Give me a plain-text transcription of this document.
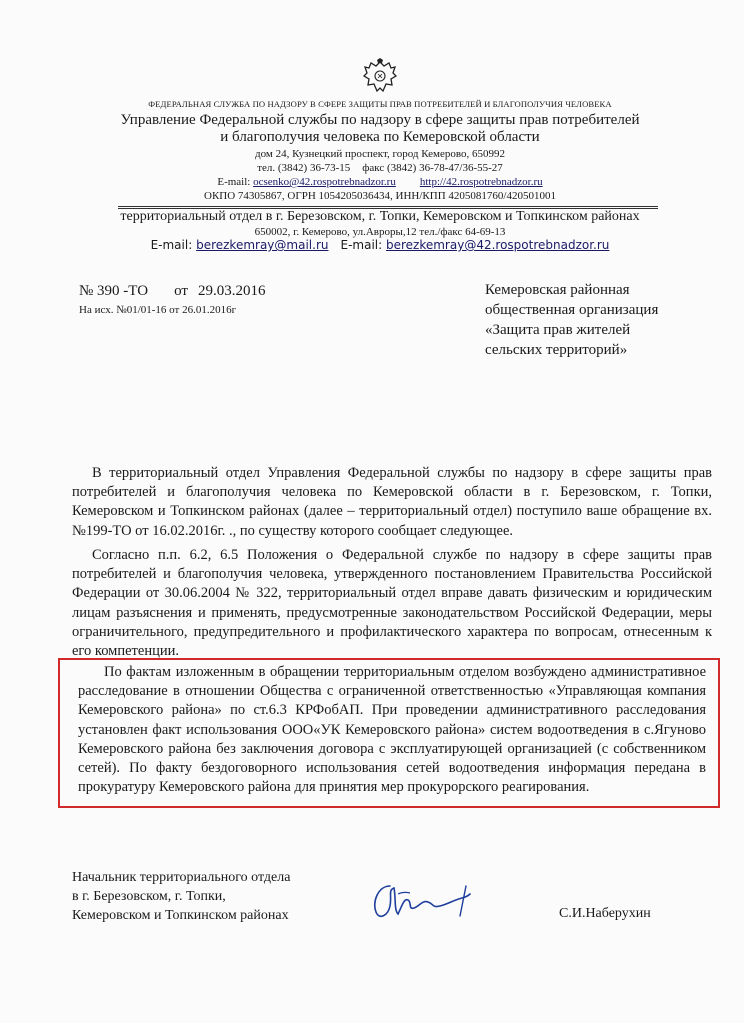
ФЕДЕРАЛЬНАЯ СЛУЖБА ПО НАДЗОРУ В СФЕРЕ ЗАЩИТЫ ПРАВ ПОТРЕБИТЕЛЕЙ И БЛАГОПОЛУЧИЯ ЧЕЛОВЕКА
Управление Федеральной службы по надзору в сфере защиты прав потребителей
и благополучия человека по Кемеровской области
дом 24, Кузнецкий проспект, город Кемерово, 650992
тел. (3842) 36-73-15 факс (3842) 36-78-47/36-55-27
E-mail: ocsenko@42.rospotrebnadzor.ru http://42.rospotrebnadzor.ru
ОКПО 74305867, ОГРН 1054205036434, ИНН/КПП 4205081760/420501001
территориальный отдел в г. Березовском, г. Топки, Кемеровском и Топкинском районах
650002, г. Кемерово, ул.Авроры,12 тел./факс 64-69-13
E-mail: berezkemray@mail.ru E-mail: berezkemray@42.rospotrebnadzor.ru
№ 390 -ТО от 29.03.2016
На исх. №01/01-16 от 26.01.2016г
Кемеровская районная
общественная организация
«Защита прав жителей
сельских территорий»
В территориальный отдел Управления Федеральной службы по надзору в сфере защиты прав потребителей и благополучия человека по Кемеровской области в г. Березовском, г. Топки, Кемеровском и Топкинском районах (далее – территориальный отдел) поступило ваше обращение вх.№199-ТО от 16.02.2016г. ., по существу которого сообщает следующее.
Согласно п.п. 6.2, 6.5 Положения о Федеральной службе по надзору в сфере защиты прав потребителей и благополучия человека, утвержденного постановлением Правительства Российской Федерации от 30.06.2004 № 322, территориальный отдел вправе давать физическим и юридическим лицам разъяснения и применять, предусмотренные законодательством Российской Федерации, меры ограничительного, предупредительного и профилактического характера по вопросам, отнесенным к его компетенции.
По фактам изложенным в обращении территориальным отделом возбуждено административное расследование в отношении Общества с ограниченной ответственностью «Управляющая компания Кемеровского района» по ст.6.3 КРФобАП. При проведении административного расследования установлен факт использования ООО«УК Кемеровского района» систем водоотведения в с.Ягуново Кемеровского района без заключения договора с эксплуатирующей организацией (с собственником сетей). По факту бездоговорного использования сетей водоотведения информация передана в прокуратуру Кемеровского района для принятия мер прокурорского реагирования.
Начальник территориального отдела
в г. Березовском, г. Топки,
Кемеровском и Топкинском районах	С.И.Наберухин
